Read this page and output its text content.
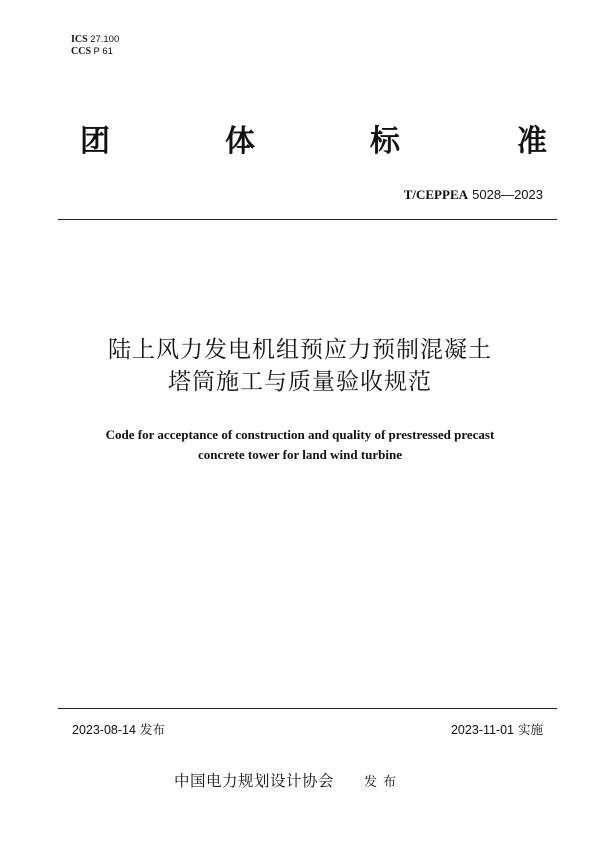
ICS 27.100
CCS P 61
团	体	标	准
T/CEPPEA 5028—2023
陆上风力发电机组预应力预制混凝土
塔筒施工与质量验收规范
Code for acceptance of construction and quality of prestressed precast
concrete tower for land wind turbine
2023-08-14 发布	2023-11-01 实施
中国电力规划设计协会 发布
